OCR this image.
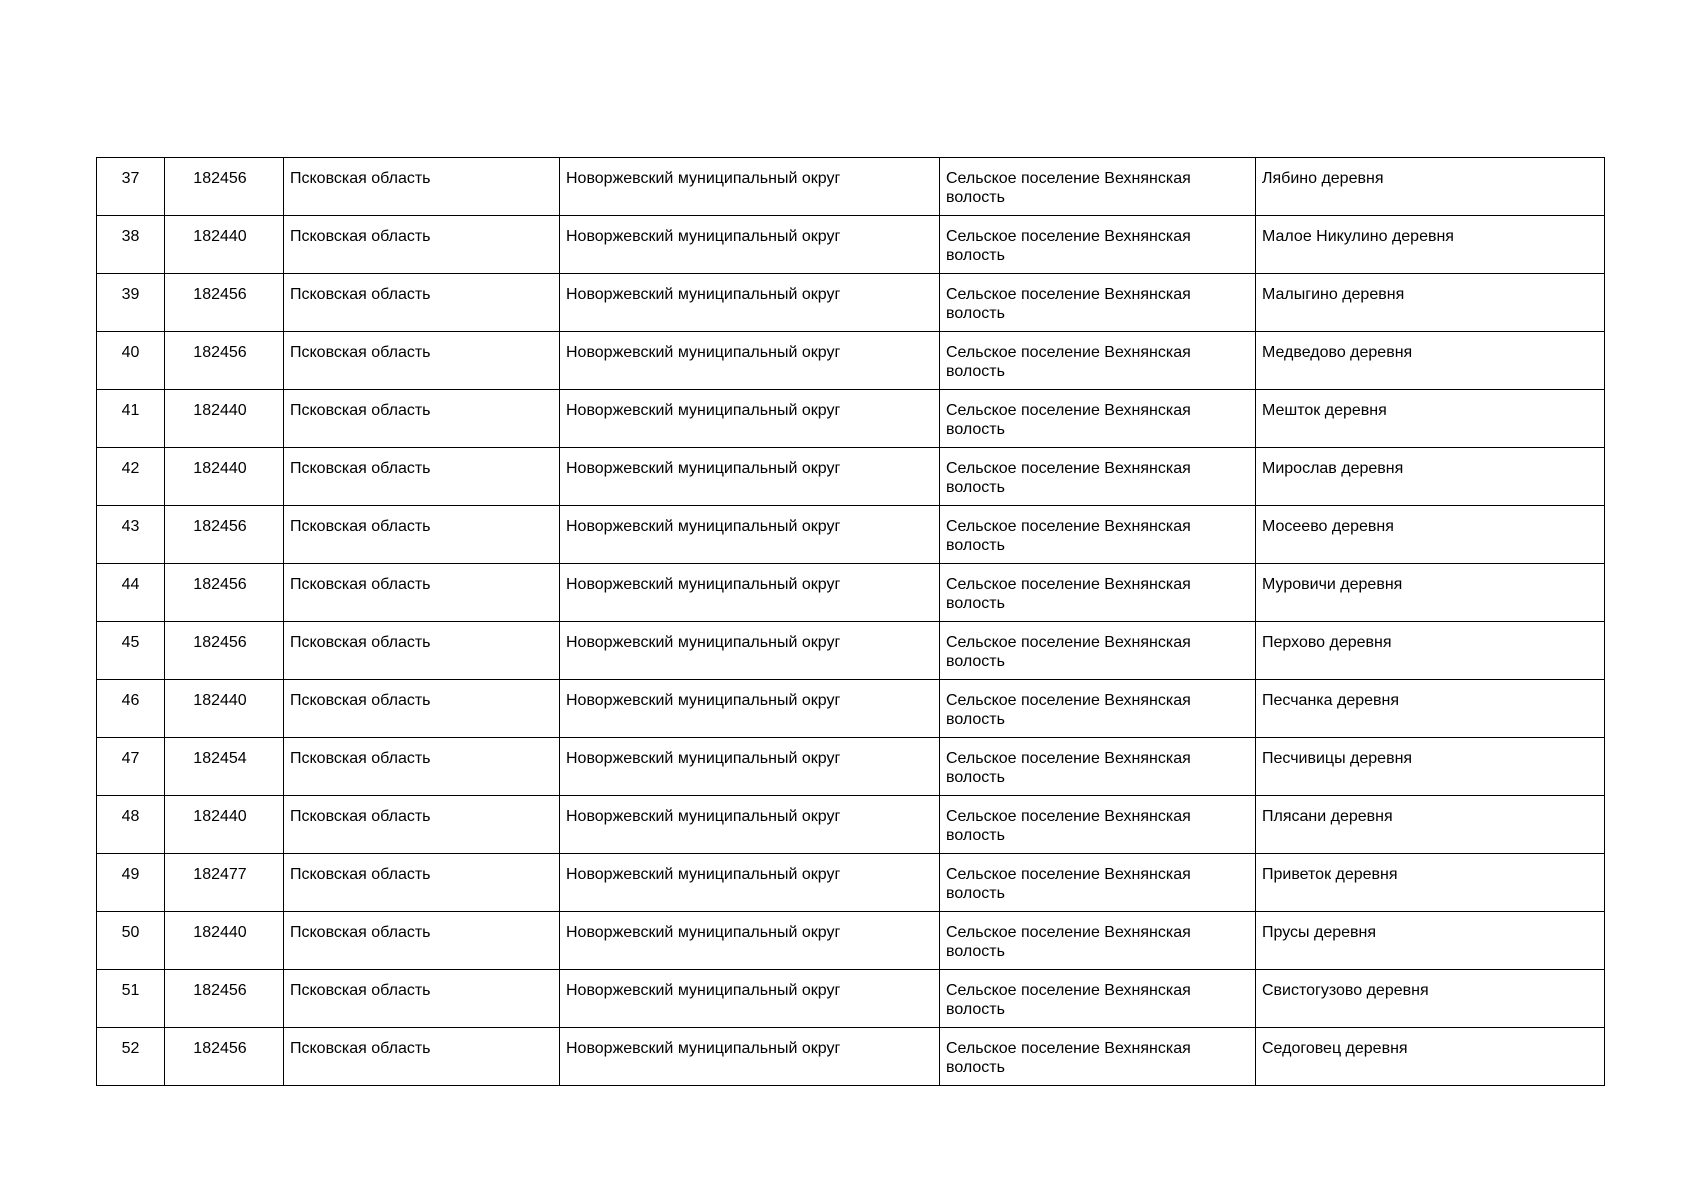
37	182456	Псковская область	Новоржевский муниципальный округ	Сельское поселение Вехнянская волость	Лябино деревня
38	182440	Псковская область	Новоржевский муниципальный округ	Сельское поселение Вехнянская волость	Малое Никулино деревня
39	182456	Псковская область	Новоржевский муниципальный округ	Сельское поселение Вехнянская волость	Малыгино деревня
40	182456	Псковская область	Новоржевский муниципальный округ	Сельское поселение Вехнянская волость	Медведово деревня
41	182440	Псковская область	Новоржевский муниципальный округ	Сельское поселение Вехнянская волость	Мешток деревня
42	182440	Псковская область	Новоржевский муниципальный округ	Сельское поселение Вехнянская волость	Мирослав деревня
43	182456	Псковская область	Новоржевский муниципальный округ	Сельское поселение Вехнянская волость	Мосеево деревня
44	182456	Псковская область	Новоржевский муниципальный округ	Сельское поселение Вехнянская волость	Муровичи деревня
45	182456	Псковская область	Новоржевский муниципальный округ	Сельское поселение Вехнянская волость	Перхово деревня
46	182440	Псковская область	Новоржевский муниципальный округ	Сельское поселение Вехнянская волость	Песчанка деревня
47	182454	Псковская область	Новоржевский муниципальный округ	Сельское поселение Вехнянская волость	Песчивицы деревня
48	182440	Псковская область	Новоржевский муниципальный округ	Сельское поселение Вехнянская волость	Плясани деревня
49	182477	Псковская область	Новоржевский муниципальный округ	Сельское поселение Вехнянская волость	Приветок деревня
50	182440	Псковская область	Новоржевский муниципальный округ	Сельское поселение Вехнянская волость	Прусы деревня
51	182456	Псковская область	Новоржевский муниципальный округ	Сельское поселение Вехнянская волость	Свистогузово деревня
52	182456	Псковская область	Новоржевский муниципальный округ	Сельское поселение Вехнянская волость	Седоговец деревня
